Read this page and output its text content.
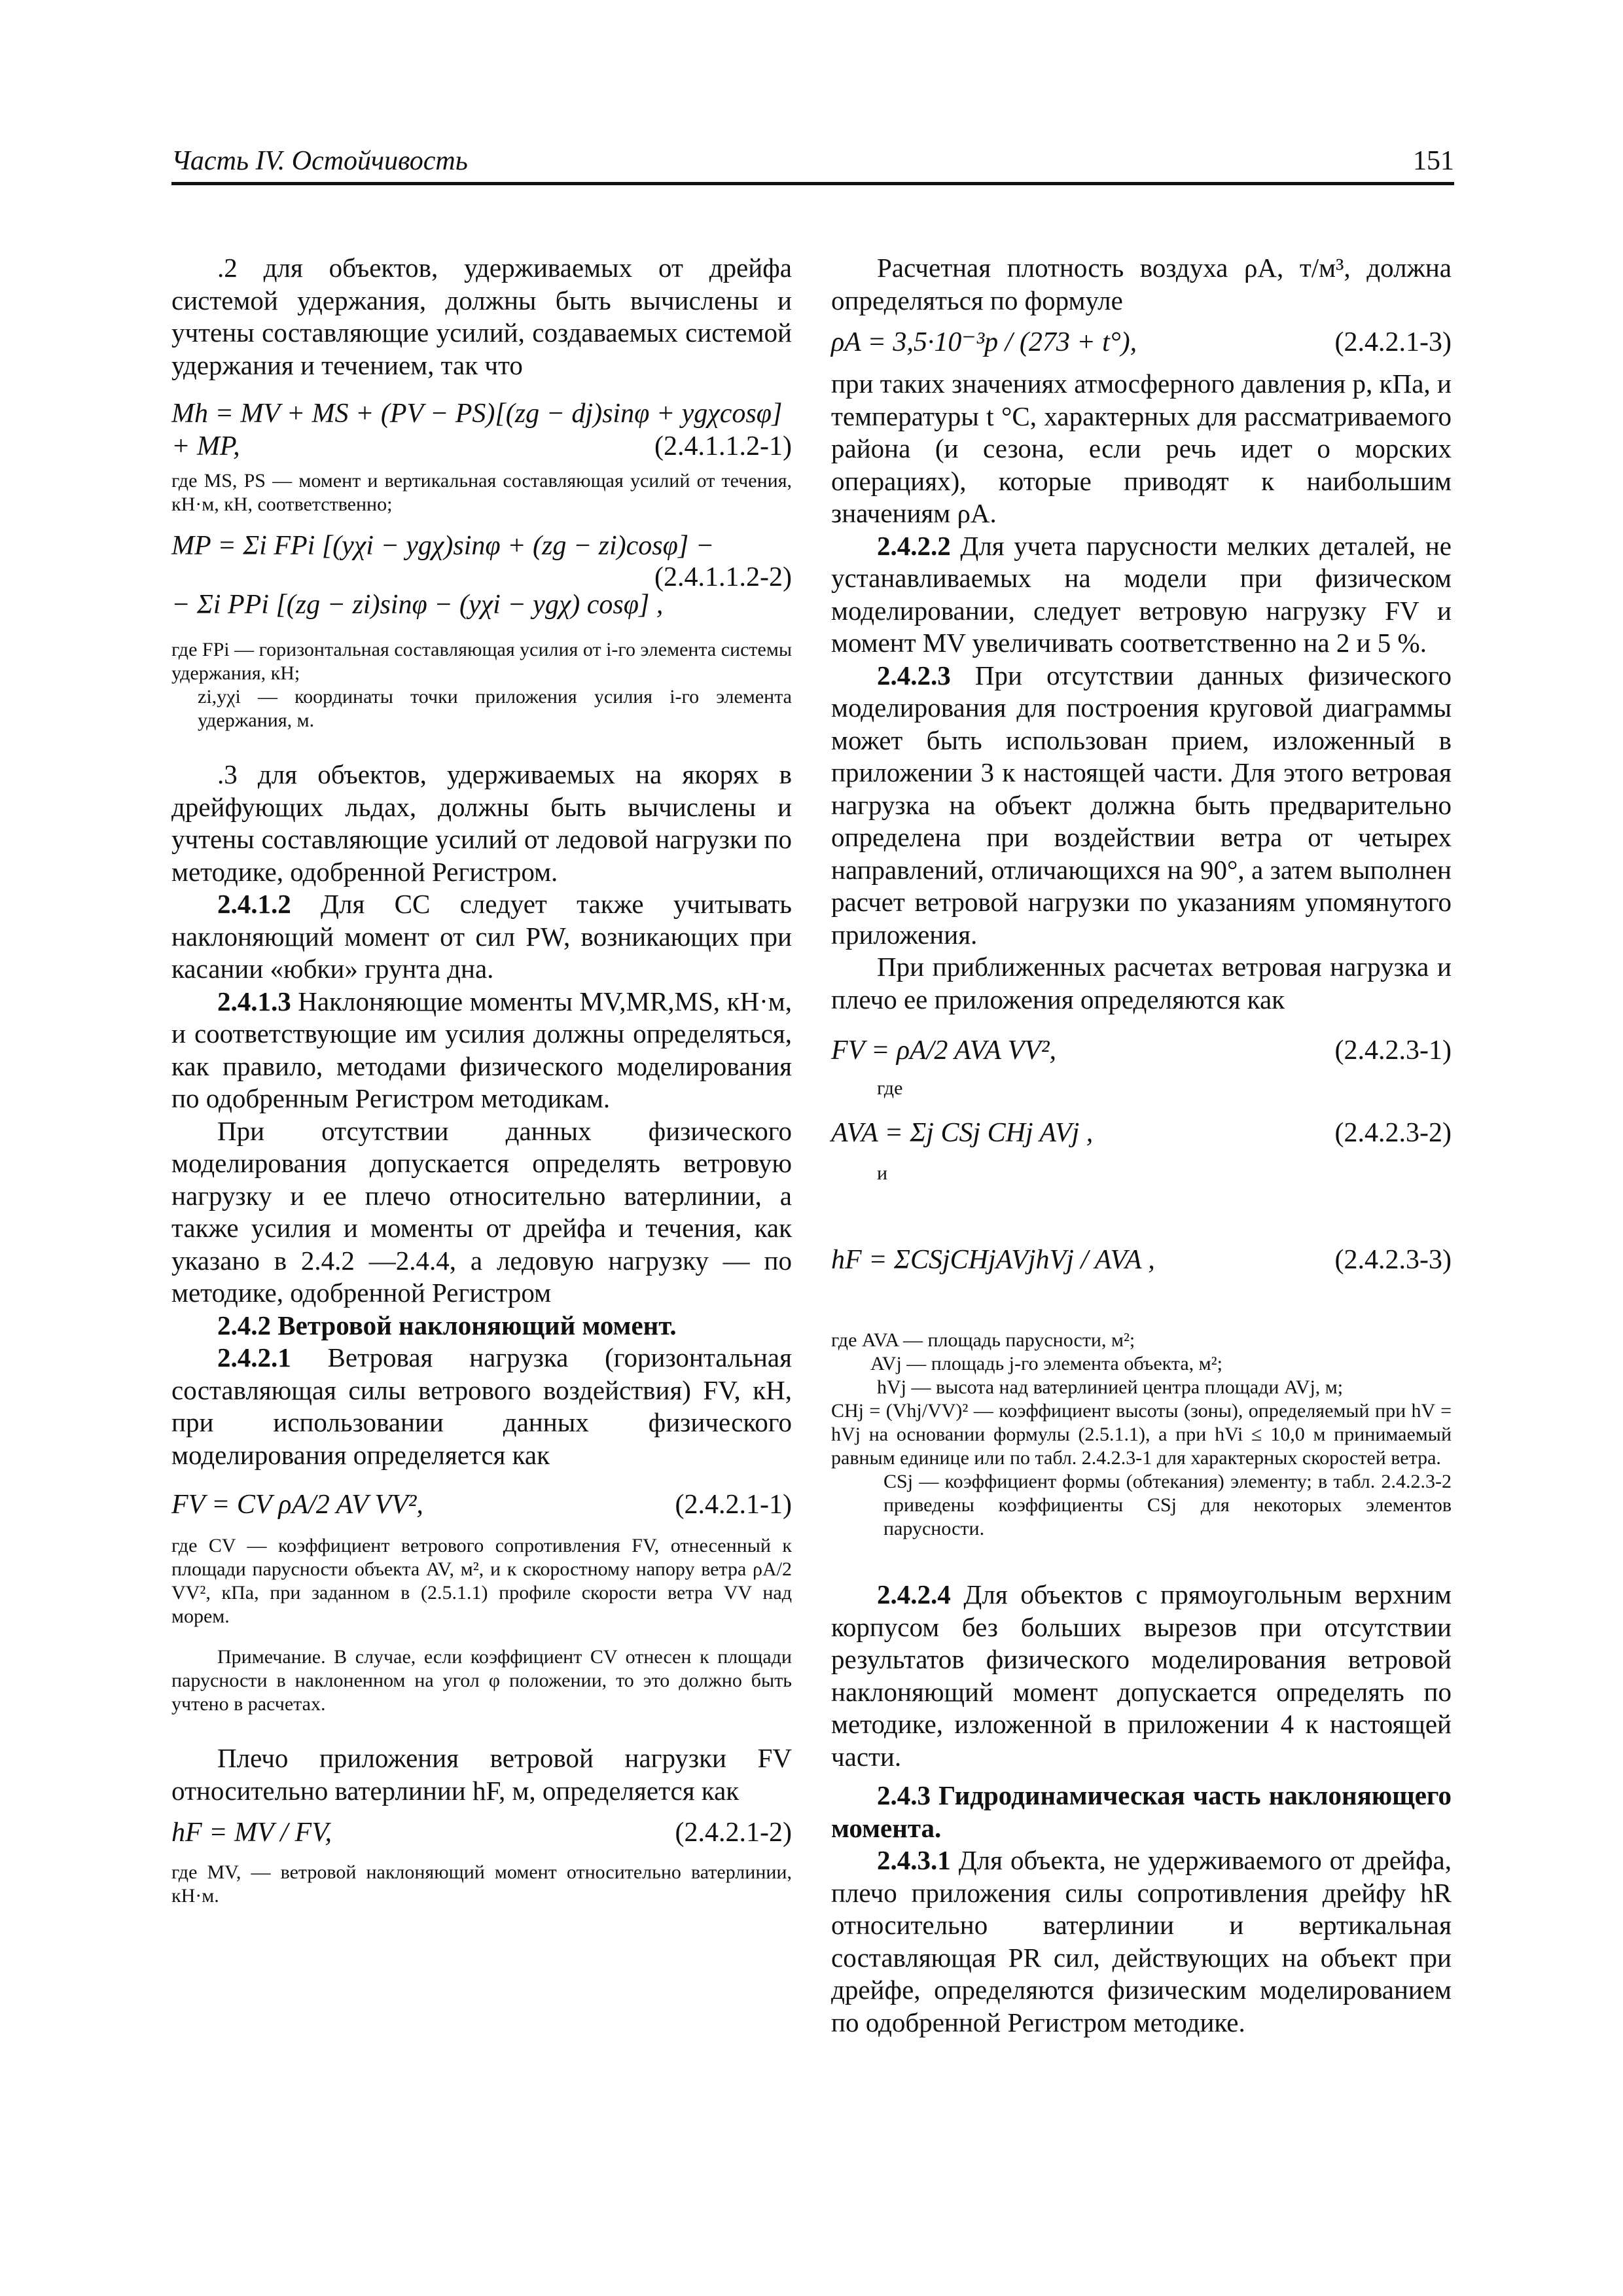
Часть IV. Остойчивость	151

.2 для объектов, удерживаемых от дрейфа системой удержания, должны быть вычислены и учтены составляющие усилий, создаваемых системой удержания и течением, так что

Mh = MV + MS + (PV − PS)[(zg − dj)sinφ + ygχcosφ] + MP,	(2.4.1.1.2-1)

где MS, PS — момент и вертикальная составляющая усилий от течения, кН·м, кН, соответственно;

MP = Σi FPi [(yχi − ygχ)sinφ + (zg − zi)cosφ] −
− Σi PPi [(zg − zi)sinφ − (yχi − ygχ) cosφ] ,
(2.4.1.1.2-2)

где FPi — горизонтальная составляющая усилия от i-го элемента системы удержания, кН;

zi,yχi — координаты точки приложения усилия i-го элемента удержания, м.

.3 для объектов, удерживаемых на якорях в дрейфующих льдах, должны быть вычислены и учтены составляющие усилий от ледовой нагрузки по методике, одобренной Регистром.

2.4.1.2 Для СС следует также учитывать наклоняющий момент от сил PW, возникающих при касании «юбки» грунта дна.

2.4.1.3 Наклоняющие моменты MV,MR,MS, кН·м, и соответствующие им усилия должны определяться, как правило, методами физического моделирования по одобренным Регистром методикам.

При отсутствии данных физического моделирования допускается определять ветровую нагрузку и ее плечо относительно ватерлинии, а также усилия и моменты от дрейфа и течения, как указано в 2.4.2 —2.4.4, а ледовую нагрузку — по методике, одобренной Регистром

2.4.2 Ветровой наклоняющий момент.

2.4.2.1 Ветровая нагрузка (горизонтальная составляющая силы ветрового воздействия) FV, кН, при использовании данных физического моделирования определяется как

FV = CV ρA/2 AV VV²,	(2.4.2.1-1)

где CV — коэффициент ветрового сопротивления FV, отнесенный к площади парусности объекта AV, м², и к скоростному напору ветра ρA/2 VV², кПа, при заданном в (2.5.1.1) профиле скорости ветра VV над морем.

Примечание. В случае, если коэффициент CV отнесен к площади парусности в наклоненном на угол φ положении, то это должно быть учтено в расчетах.

Плечо приложения ветровой нагрузки FV относительно ватерлинии hF, м, определяется как

hF = MV / FV,	(2.4.2.1-2)

где MV, — ветровой наклоняющий момент относительно ватерлинии, кН·м.

Расчетная плотность воздуха ρA, т/м³, должна определяться по формуле

ρA = 3,5·10⁻³p / (273 + t°),	(2.4.2.1-3)

при таких значениях атмосферного давления p, кПа, и температуры t °С, характерных для рассматриваемого района (и сезона, если речь идет о морских операциях), которые приводят к наибольшим значениям ρA.

2.4.2.2 Для учета парусности мелких деталей, не устанавливаемых на модели при физическом моделировании, следует ветровую нагрузку FV и момент MV увеличивать соответственно на 2 и 5 %.

2.4.2.3 При отсутствии данных физического моделирования для построения круговой диаграммы может быть использован прием, изложенный в приложении 3 к настоящей части. Для этого ветровая нагрузка на объект должна быть предварительно определена при воздействии ветра от четырех направлений, отличающихся на 90°, а затем выполнен расчет ветровой нагрузки по указаниям упомянутого приложения.

При приближенных расчетах ветровая нагрузка и плечо ее приложения определяются как

FV = ρA/2 AVA VV²,	(2.4.2.3-1)

где

AVA = Σj CSj CHj AVj ,	(2.4.2.3-2)

и

hF = ΣCSjCHjAVjhVj / AVA ,	(2.4.2.3-3)

где AVA — площадь парусности, м²;

AVj — площадь j-го элемента объекта, м²;

hVj — высота над ватерлинией центра площади AVj, м;

CHj = (Vhj/VV)² — коэффициент высоты (зоны), определяемый при hV = hVj на основании формулы (2.5.1.1), а при hVi ≤ 10,0 м принимаемый равным единице или по табл. 2.4.2.3-1 для характерных скоростей ветра.

CSj — коэффициент формы (обтекания) элементу; в табл. 2.4.2.3-2 приведены коэффициенты CSj для некоторых элементов парусности.

2.4.2.4 Для объектов с прямоугольным верхним корпусом без больших вырезов при отсутствии результатов физического моделирования ветровой наклоняющий момент допускается определять по методике, изложенной в приложении 4 к настоящей части.

2.4.3 Гидродинамическая часть наклоняющего момента.

2.4.3.1 Для объекта, не удерживаемого от дрейфа, плечо приложения силы сопротивления дрейфу hR относительно ватерлинии и вертикальная составляющая PR сил, действующих на объект при дрейфе, определяются физическим моделированием по одобренной Регистром методике.
